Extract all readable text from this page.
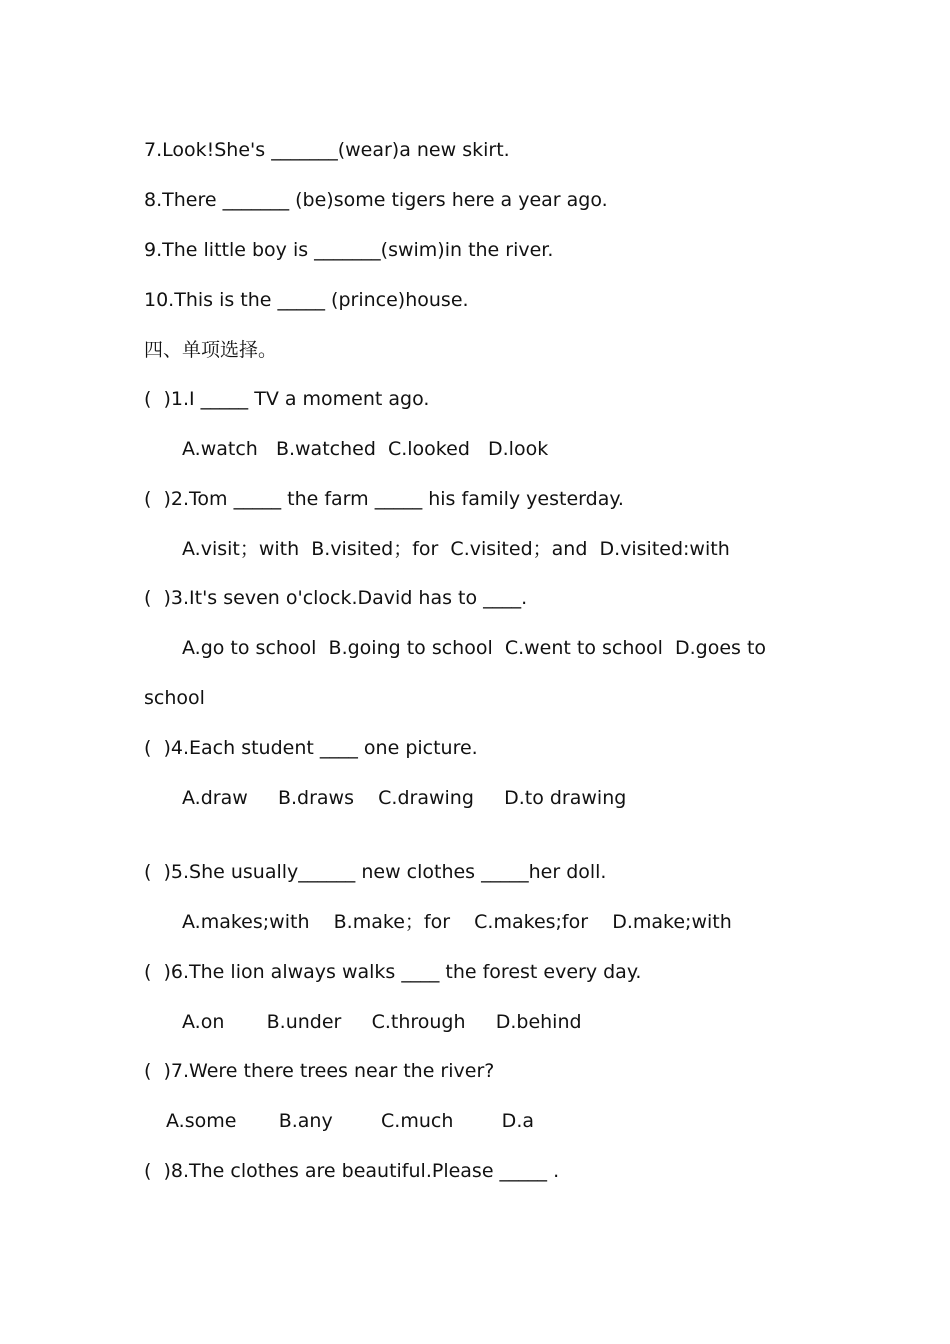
7.Look!She's _______(wear)a new skirt.

8.There _______ (be)some tigers here a year ago.

9.The little boy is _______(swim)in the river.

10.This is the _____ (prince)house.

四、单项选择。

(  )1.I _____ TV a moment ago.

A.watch   B.watched  C.looked   D.look

(  )2.Tom _____ the farm _____ his family yesterday.

A.visit；with  B.visited；for  C.visited；and  D.visited:with

(  )3.It's seven o'clock.David has to ____.

A.go to school  B.going to school  C.went to school  D.goes to

school

(  )4.Each student ____ one picture.

A.draw     B.draws    C.drawing     D.to drawing

(  )5.She usually______ new clothes _____her doll.

A.makes;with    B.make；for    C.makes;for    D.make;with

(  )6.The lion always walks ____ the forest every day.

A.on       B.under     C.through     D.behind

(  )7.Were there trees near the river?

A.some       B.any        C.much        D.a

(  )8.The clothes are beautiful.Please _____ .
